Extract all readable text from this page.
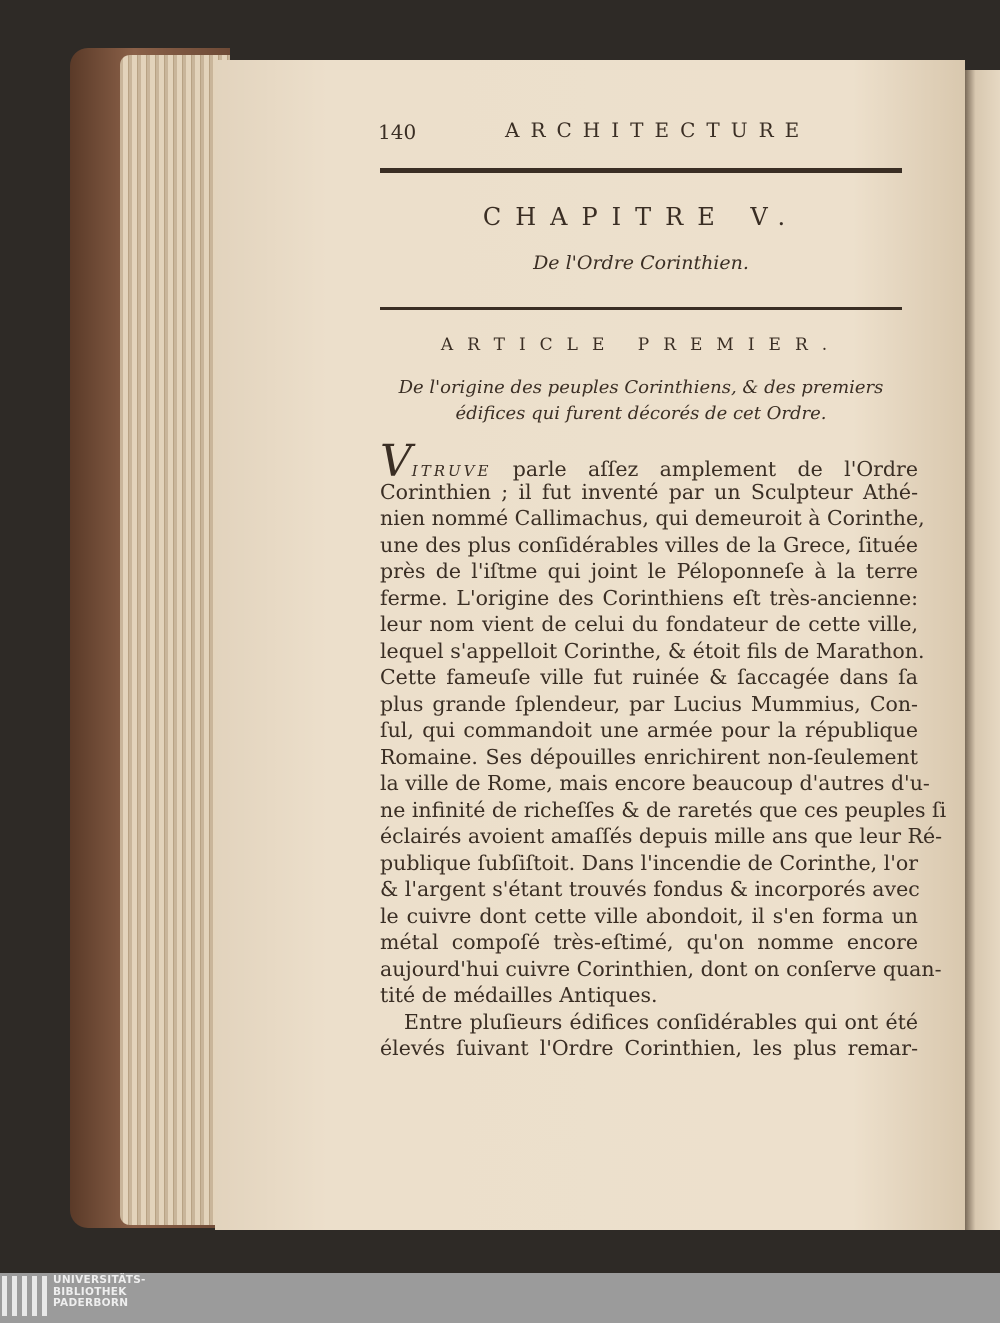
140	ARCHITECTURE
CHAPITRE V.
De l'Ordre Corinthien.
ARTICLE PREMIER.
De l'origine des peuples Corinthiens, & des premiers
édifices qui furent décorés de cet Ordre.
VITRUVE parle aſſez amplement de l'Ordre
Corinthien ; il fut inventé par un Sculpteur Athé-
nien nommé Callimachus, qui demeuroit à Corinthe,
une des plus conſidérables villes de la Grece, ſituée
près de l'iſtme qui joint le Péloponneſe à la terre
ferme. L'origine des Corinthiens eſt très-ancienne:
leur nom vient de celui du fondateur de cette ville,
lequel s'appelloit Corinthe, & étoit fils de Marathon.
Cette fameuſe ville fut ruinée & ſaccagée dans ſa
plus grande ſplendeur, par Lucius Mummius, Con-
ſul, qui commandoit une armée pour la république
Romaine. Ses dépouilles enrichirent non-ſeulement
la ville de Rome, mais encore beaucoup d'autres d'u-
ne infinité de richeſſes & de raretés que ces peuples ſi
éclairés avoient amaſſés depuis mille ans que leur Ré-
publique ſubſiſtoit. Dans l'incendie de Corinthe, l'or
& l'argent s'étant trouvés fondus & incorporés avec
le cuivre dont cette ville abondoit, il s'en forma un
métal compoſé très-eſtimé, qu'on nomme encore
aujourd'hui cuivre Corinthien, dont on conſerve quan-
tité de médailles Antiques.
Entre pluſieurs édifices conſidérables qui ont été
élevés ſuivant l'Ordre Corinthien, les plus remar-
UNIVERSITÄTS-
BIBLIOTHEK
PADERBORN
